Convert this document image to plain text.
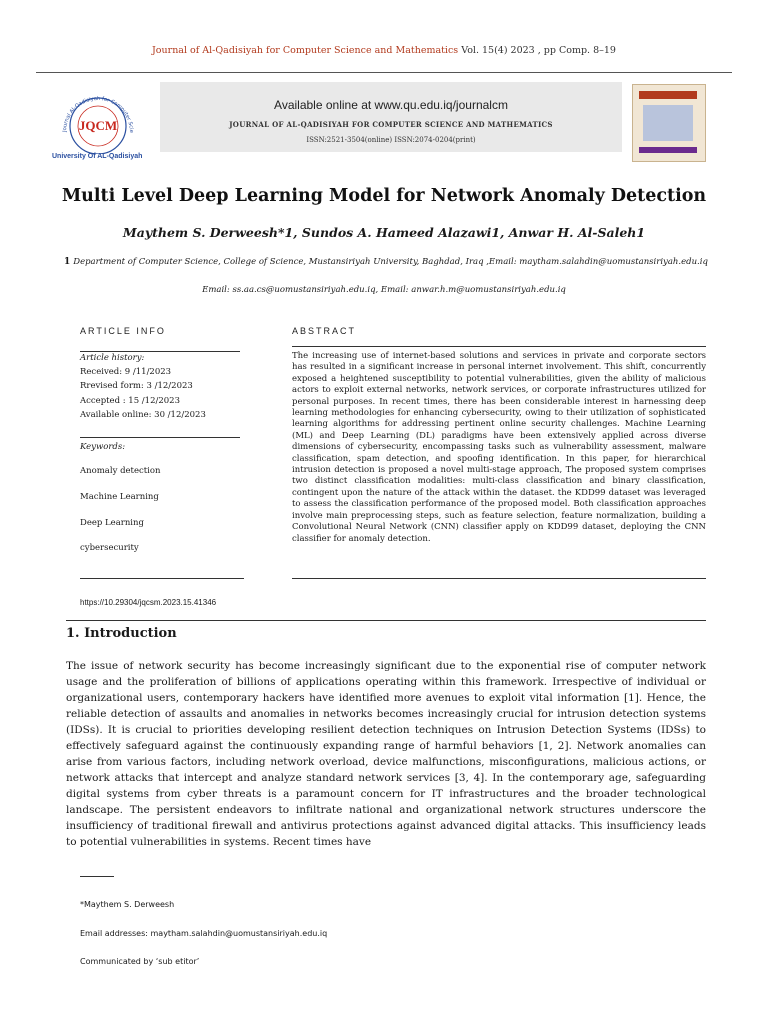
Journal of Al-Qadisiyah for Computer Science and Mathematics Vol. 15(4) 2023 , pp Comp. 8–19
Journal Al-Qadisiyah for Computer Scie
JQCM
University Of AL-Qadisiyah
Available online at www.qu.edu.iq/journalcm
JOURNAL OF AL-QADISIYAH FOR COMPUTER SCIENCE AND MATHEMATICS
ISSN:2521-3504(online) ISSN:2074-0204(print)
Multi Level Deep Learning Model for Network Anomaly Detection
Maythem S. Derweesh*1, Sundos A. Hameed Alazawi1, Anwar H. Al-Saleh1
1 Department of Computer Science, College of Science, Mustansiriyah University, Baghdad, Iraq ,Email: maytham.salahdin@uomustansiriyah.edu.iq
Email: ss.aa.cs@uomustansiriyah.edu.iq, Email: anwar.h.m@uomustansiriyah.edu.iq
ARTICLE INFO
Article history:
Received: 9 /11/2023
Rrevised form: 3 /12/2023
Accepted : 15 /12/2023
Available online: 30 /12/2023
Keywords:
Anomaly detection
Machine Learning
Deep Learning
cybersecurity
ABSTRACT
The increasing use of internet-based solutions and services in private and corporate sectors has resulted in a significant increase in personal internet involvement. This shift, concurrently exposed a heightened susceptibility to potential vulnerabilities, given the ability of malicious actors to exploit external networks, network services, or corporate infrastructures utilized for personal purposes. In recent times, there has been considerable interest in harnessing deep learning methodologies for enhancing cybersecurity, owing to their utilization of sophisticated learning algorithms for addressing pertinent online security challenges. Machine Learning (ML) and Deep Learning (DL) paradigms have been extensively applied across diverse dimensions of cybersecurity, encompassing tasks such as vulnerability assessment, malware classification, spam detection, and spoofing identification. In this paper, for hierarchical intrusion detection is proposed a novel multi-stage approach, The proposed system comprises two distinct classification modalities: multi-class classification and binary classification, contingent upon the nature of the attack within the dataset. the KDD99 dataset was leveraged to assess the classification performance of the proposed model. Both classification approaches involve main preprocessing steps, such as feature selection, feature normalization, building a Convolutional Neural Network (CNN) classifier apply on KDD99 dataset, deploying the CNN classifier for anomaly detection.
https://10.29304/jqcsm.2023.15.41346
1. Introduction
The issue of network security has become increasingly significant due to the exponential rise of computer network usage and the proliferation of billions of applications operating within this framework. Irrespective of individual or organizational users, contemporary hackers have identified more avenues to exploit vital information [1]. Hence, the reliable detection of assaults and anomalies in networks becomes increasingly crucial for intrusion detection systems (IDSs). It is crucial to priorities developing resilient detection techniques on Intrusion Detection Systems (IDSs) to effectively safeguard against the continuously expanding range of harmful behaviors [1, 2]. Network anomalies can arise from various factors, including network overload, device malfunctions, misconfigurations, malicious actions, or network attacks that intercept and analyze standard network services [3, 4]. In the contemporary age, safeguarding digital systems from cyber threats is a paramount concern for IT infrastructures and the broader technological landscape. The persistent endeavors to infiltrate national and organizational network structures underscore the insufficiency of traditional firewall and antivirus protections against advanced digital attacks. This insufficiency leads to potential vulnerabilities in systems. Recent times have
*Maythem S. Derweesh
Email addresses: maytham.salahdin@uomustansiriyah.edu.iq
Communicated by ‘sub etitor’
